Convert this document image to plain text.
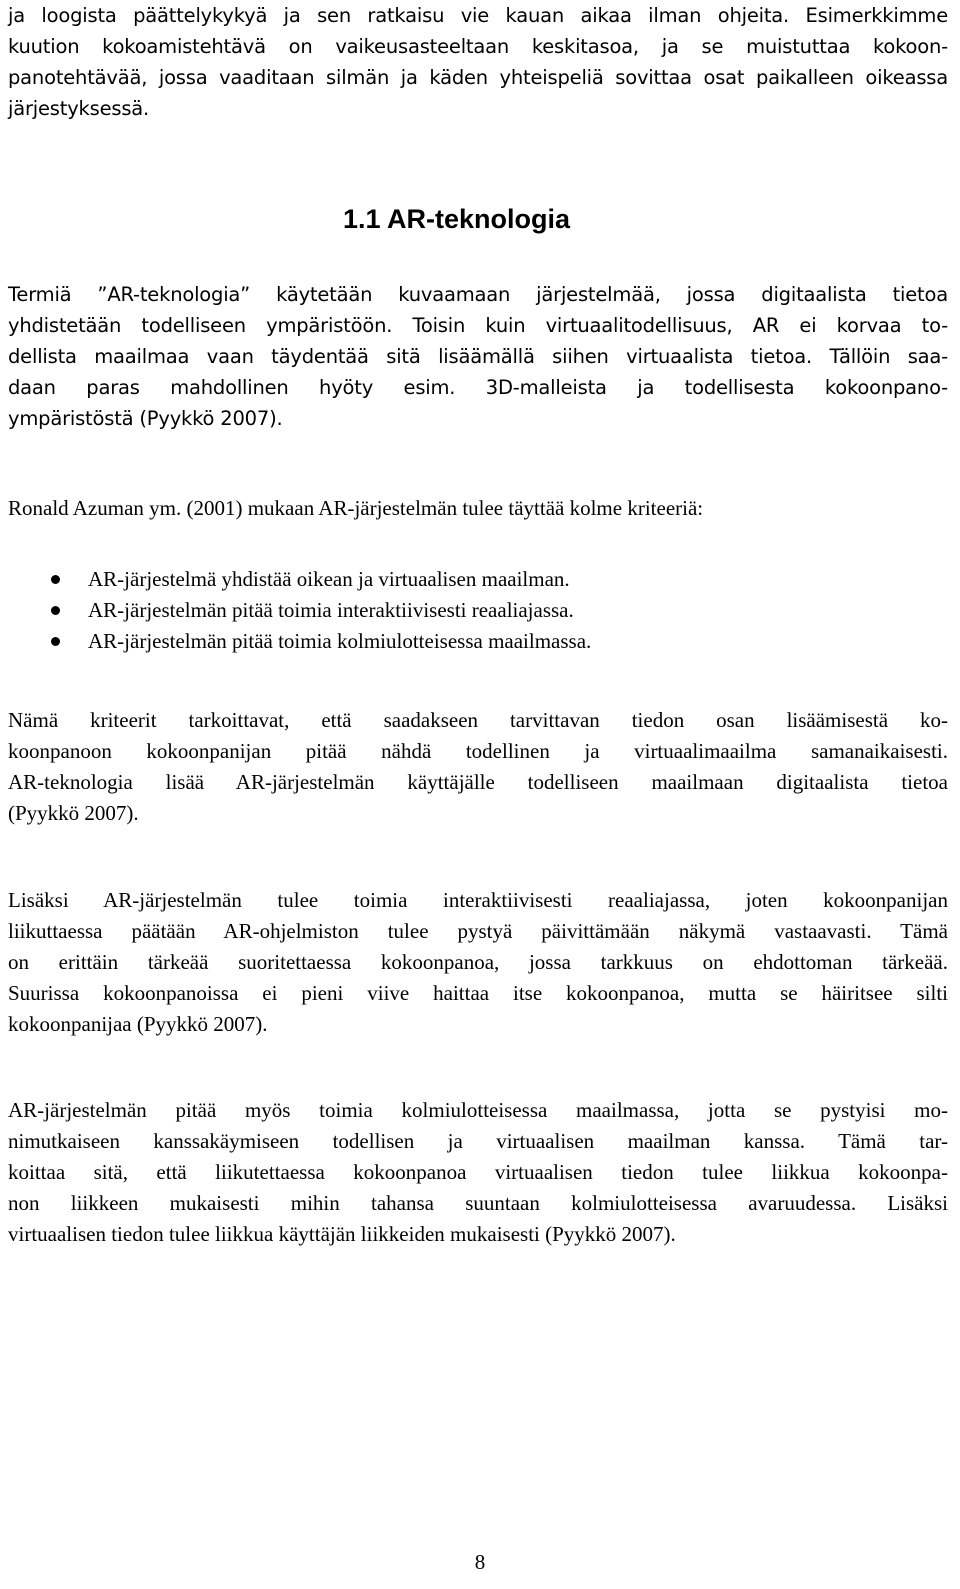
ja loogista päättelykykyä ja sen ratkaisu vie kauan aikaa ilman ohjeita. Esimerkkimme
kuution kokoamistehtävä on vaikeusasteeltaan keskitasoa, ja se muistuttaa kokoon-
panotehtävää, jossa vaaditaan silmän ja käden yhteispeliä sovittaa osat paikalleen oikeassa
järjestyksessä.

1.1 AR-teknologia

Termiä ”AR-teknologia” käytetään kuvaamaan järjestelmää, jossa digitaalista tietoa
yhdistetään todelliseen ympäristöön. Toisin kuin virtuaalitodellisuus, AR ei korvaa to-
dellista maailmaa vaan täydentää sitä lisäämällä siihen virtuaalista tietoa. Tällöin saa-
daan paras mahdollinen hyöty esim. 3D-malleista ja todellisesta kokoonpano-
ympäristöstä (Pyykkö 2007).

Ronald Azuman ym. (2001) mukaan AR-järjestelmän tulee täyttää kolme kriteeriä:

AR-järjestelmä yhdistää oikean ja virtuaalisen maailman.
AR-järjestelmän pitää toimia interaktiivisesti reaaliajassa.
AR-järjestelmän pitää toimia kolmiulotteisessa maailmassa.

Nämä kriteerit tarkoittavat, että saadakseen tarvittavan tiedon osan lisäämisestä ko-
koonpanoon kokoonpanijan pitää nähdä todellinen ja virtuaalimaailma samanaikaisesti.
AR-teknologia lisää AR-järjestelmän käyttäjälle todelliseen maailmaan digitaalista tietoa
(Pyykkö 2007).

Lisäksi AR-järjestelmän tulee toimia interaktiivisesti reaaliajassa, joten kokoonpanijan
liikuttaessa päätään AR-ohjelmiston tulee pystyä päivittämään näkymä vastaavasti. Tämä
on erittäin tärkeää suoritettaessa kokoonpanoa, jossa tarkkuus on ehdottoman tärkeää.
Suurissa kokoonpanoissa ei pieni viive haittaa itse kokoonpanoa, mutta se häiritsee silti
kokoonpanijaa (Pyykkö 2007).

AR-järjestelmän pitää myös toimia kolmiulotteisessa maailmassa, jotta se pystyisi mo-
nimutkaiseen kanssakäymiseen todellisen ja virtuaalisen maailman kanssa. Tämä tar-
koittaa sitä, että liikutettaessa kokoonpanoa virtuaalisen tiedon tulee liikkua kokoonpa-
non liikkeen mukaisesti mihin tahansa suuntaan kolmiulotteisessa avaruudessa. Lisäksi
virtuaalisen tiedon tulee liikkua käyttäjän liikkeiden mukaisesti (Pyykkö 2007).

8
